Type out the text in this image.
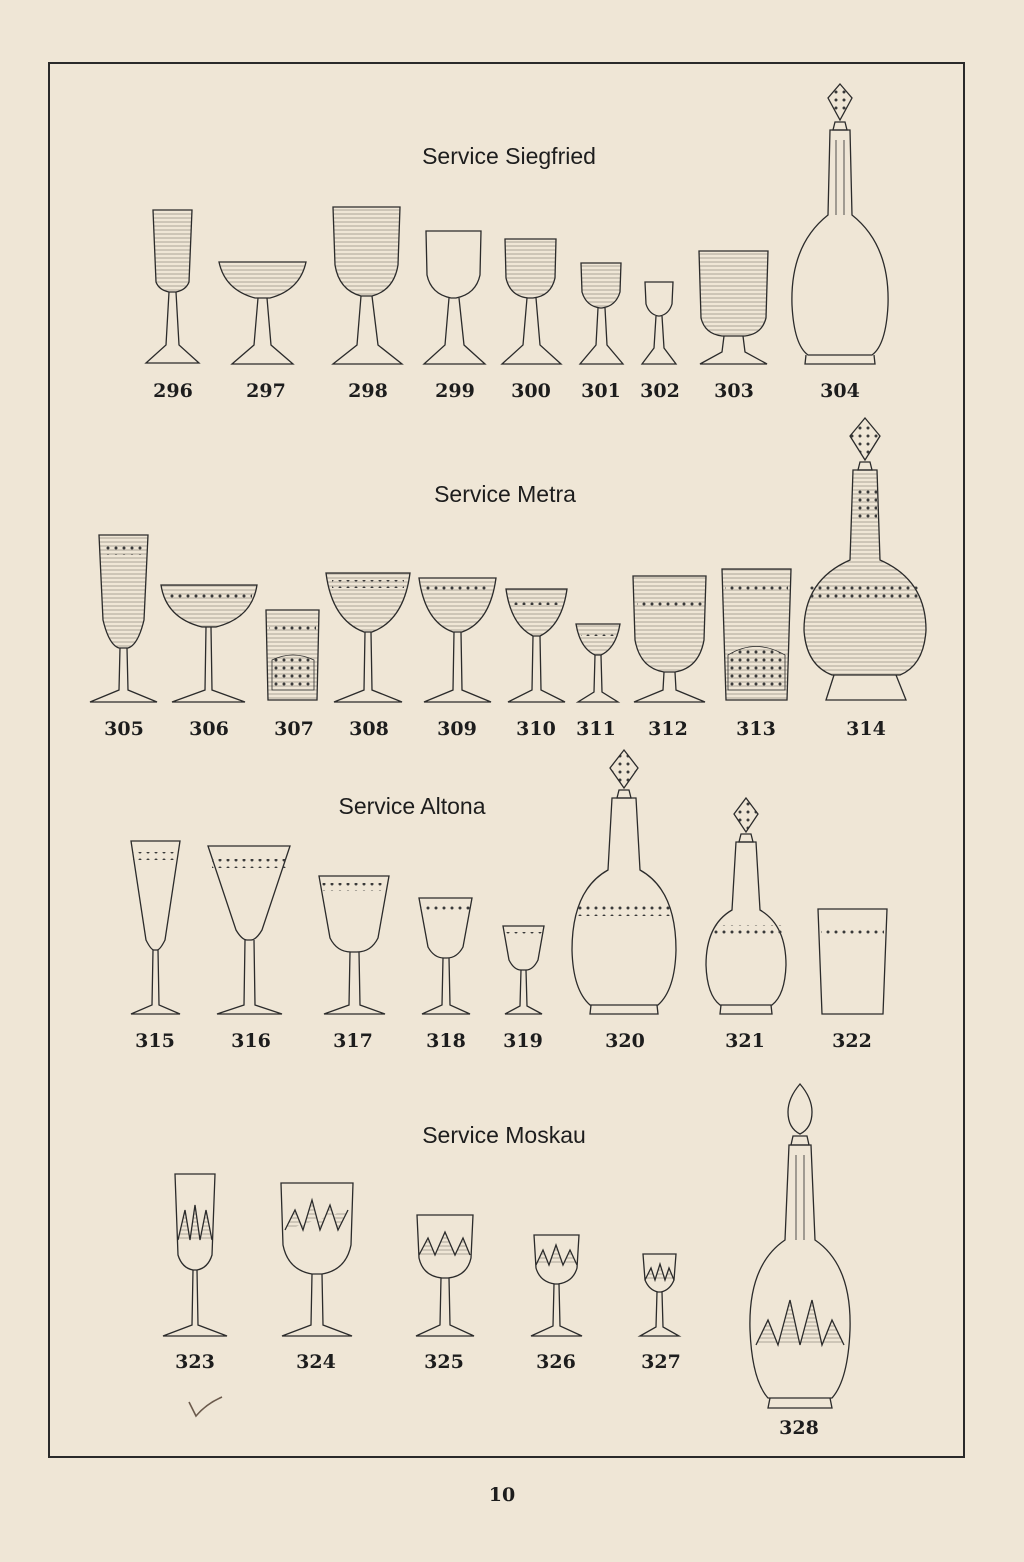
Service Siegfried
Service Metra
Service Altona
Service Moskau
296	297	298	299	300	301	302	303	304
305	306	307	308	309	310	311	312	313	314
315	316	317	318	319	320	321	322
323	324	325	326	327
328
10
